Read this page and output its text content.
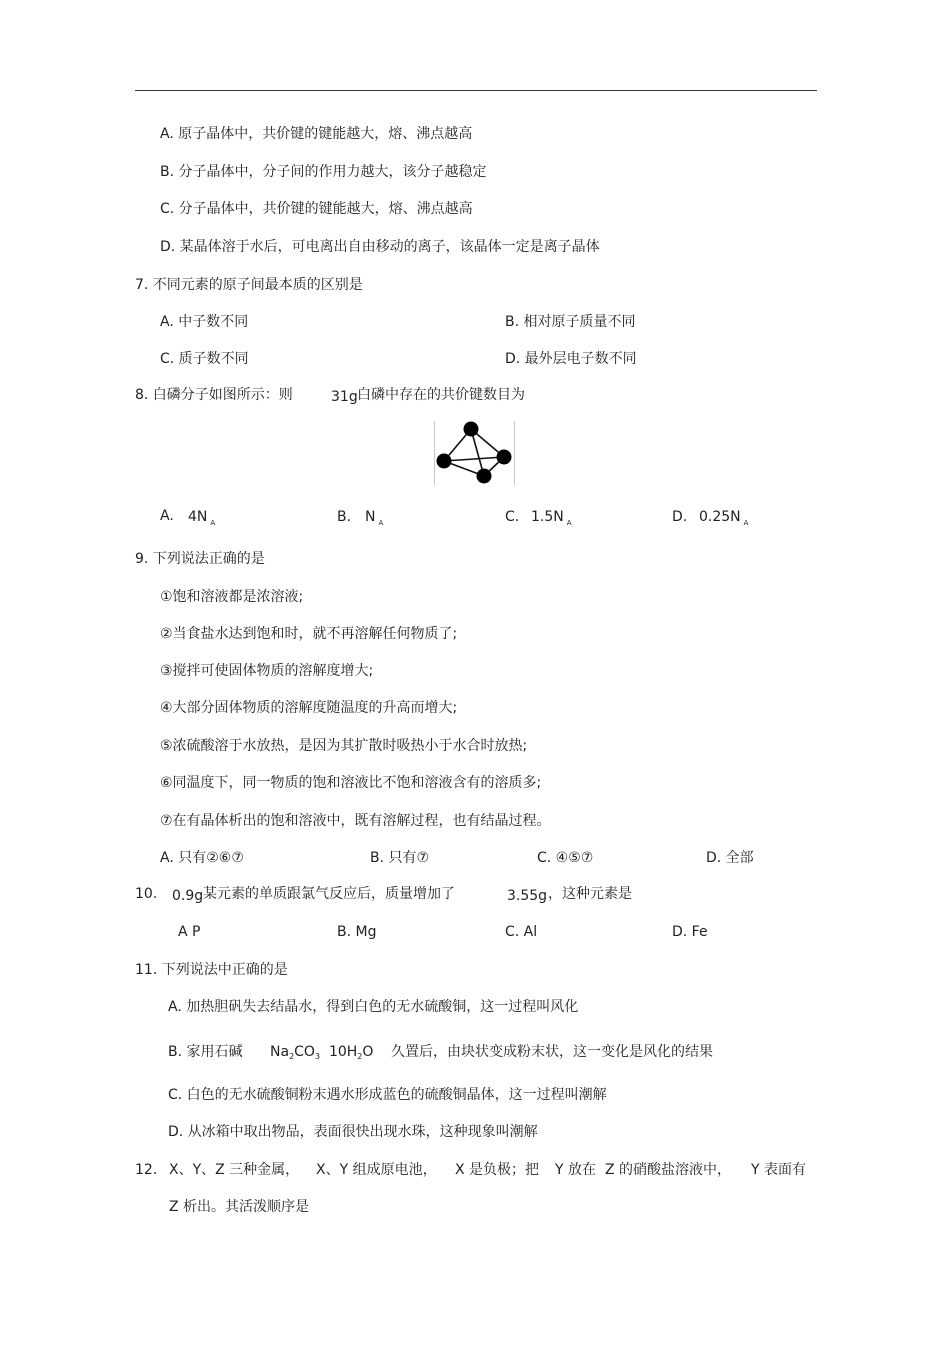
A. 原子晶体中，共价键的键能越大，熔、沸点越高
B. 分子晶体中，分子间的作用力越大，该分子越稳定
C. 分子晶体中，共价键的键能越大，熔、沸点越高
D. 某晶体溶于水后，可电离出自由移动的离子，该晶体一定是离子晶体
7. 不同元素的原子间最本质的区别是
A. 中子数不同	B. 相对原子质量不同
C. 质子数不同	D. 最外层电子数不同
8. 白磷分子如图所示：则	31g 白磷中存在的共价键数目为
A. 4N $_A$	B. N $_A$	C. 1.5N $_A$	D. 0.25N $_A$
9. 下列说法正确的是
①饱和溶液都是浓溶液;
②当食盐水达到饱和时，就不再溶解任何物质了;
③搅拌可使固体物质的溶解度增大;
④大部分固体物质的溶解度随温度的升高而增大;
⑤浓硫酸溶于水放热，是因为其扩散时吸热小于水合时放热;
⑥同温度下，同一物质的饱和溶液比不饱和溶液含有的溶质多;
⑦在有晶体析出的饱和溶液中，既有溶解过程，也有结晶过程。
A. 只有②⑥⑦	B. 只有⑦	C. ④⑤⑦	D. 全部
10. 0.9g 某元素的单质跟氯气反应后，质量增加了	3.55g ，这种元素是
A P	B. Mg	C. Al	D. Fe
11. 下列说法中正确的是
A. 加热胆矾失去结晶水，得到白色的无水硫酸铜，这一过程叫风化
B. 家用石碱 $Na_2CO_3$ $10H_2O$ 久置后，由块状变成粉末状，这一变化是风化的结果
C. 白色的无水硫酸铜粉末遇水形成蓝色的硫酸铜晶体，这一过程叫潮解
D. 从冰箱中取出物品，表面很快出现水珠，这种现象叫潮解
12. X、Y、Z 三种金属， X、Y 组成原电池， X 是负极；把 Y 放在 Z 的硝酸盐溶液中， Y 表面有
Z 析出。其活泼顺序是
